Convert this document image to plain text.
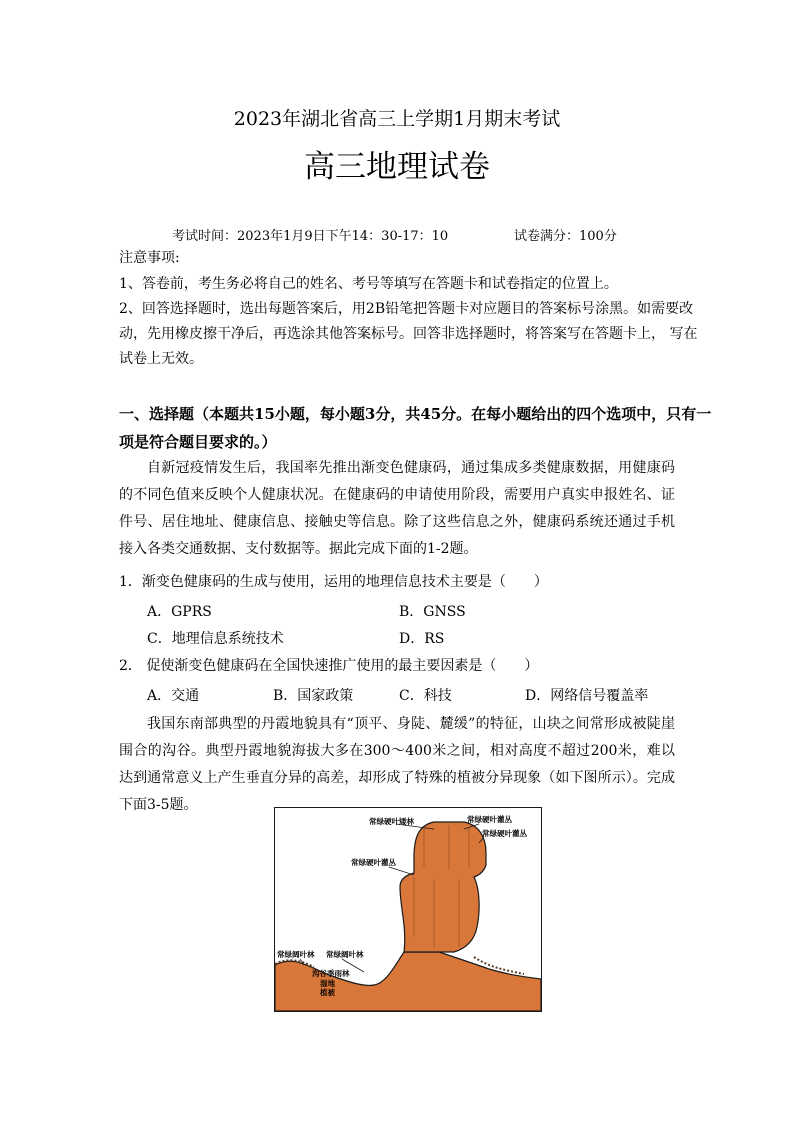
2023年湖北省高三上学期1月期末考试
高三地理试卷
考试时间：2023年1月9日下午14：30-17：10	试卷满分：100分
注意事项:
1、答卷前，考生务必将自己的姓名、考号等填写在答题卡和试卷指定的位置上。
2、回答选择题时，选出每题答案后，用2B铅笔把答题卡对应题目的答案标号涂黑。如需要改
动，先用橡皮擦干净后，再选涂其他答案标号。回答非选择题时，将答案写在答题卡上， 写在
试卷上无效。
一、选择题（本题共15小题，每小题3分，共45分。在每小题给出的四个选项中，只有一
项是符合题目要求的。）
自新冠疫情发生后，我国率先推出渐变色健康码，通过集成多类健康数据，用健康码的不同色值来反映个人健康状况。在健康码的申请使用阶段，需要用户真实申报姓名、证件号、居住地址、健康信息、接触史等信息。除了这些信息之外，健康码系统还通过手机接入各类交通数据、支付数据等。据此完成下面的1-2题。
1．渐变色健康码的生成与使用，运用的地理信息技术主要是（　　）
A．GPRS	B．GNSS
C．地理信息系统技术	D．RS
2． 促使渐变色健康码在全国快速推广使用的最主要因素是（　　）
A．交通	B．国家政策	C．科技	D．网络信号覆盖率
我国东南部典型的丹霞地貌具有“顶平、身陡、麓缓”的特征，山块之间常形成被陡崖围合的沟谷。典型丹霞地貌海拔大多在300～400米之间，相对高度不超过200米，难以达到通常意义上产生垂直分异的高差，却形成了特殊的植被分异现象（如下图所示）。完成下面3-5题。
常绿硬叶矮林	常绿硬叶灌丛
常绿硬叶灌丛
常绿硬叶灌丛
常绿阔叶林 常绿阔叶林
沟谷季雨林
湿地
植被
